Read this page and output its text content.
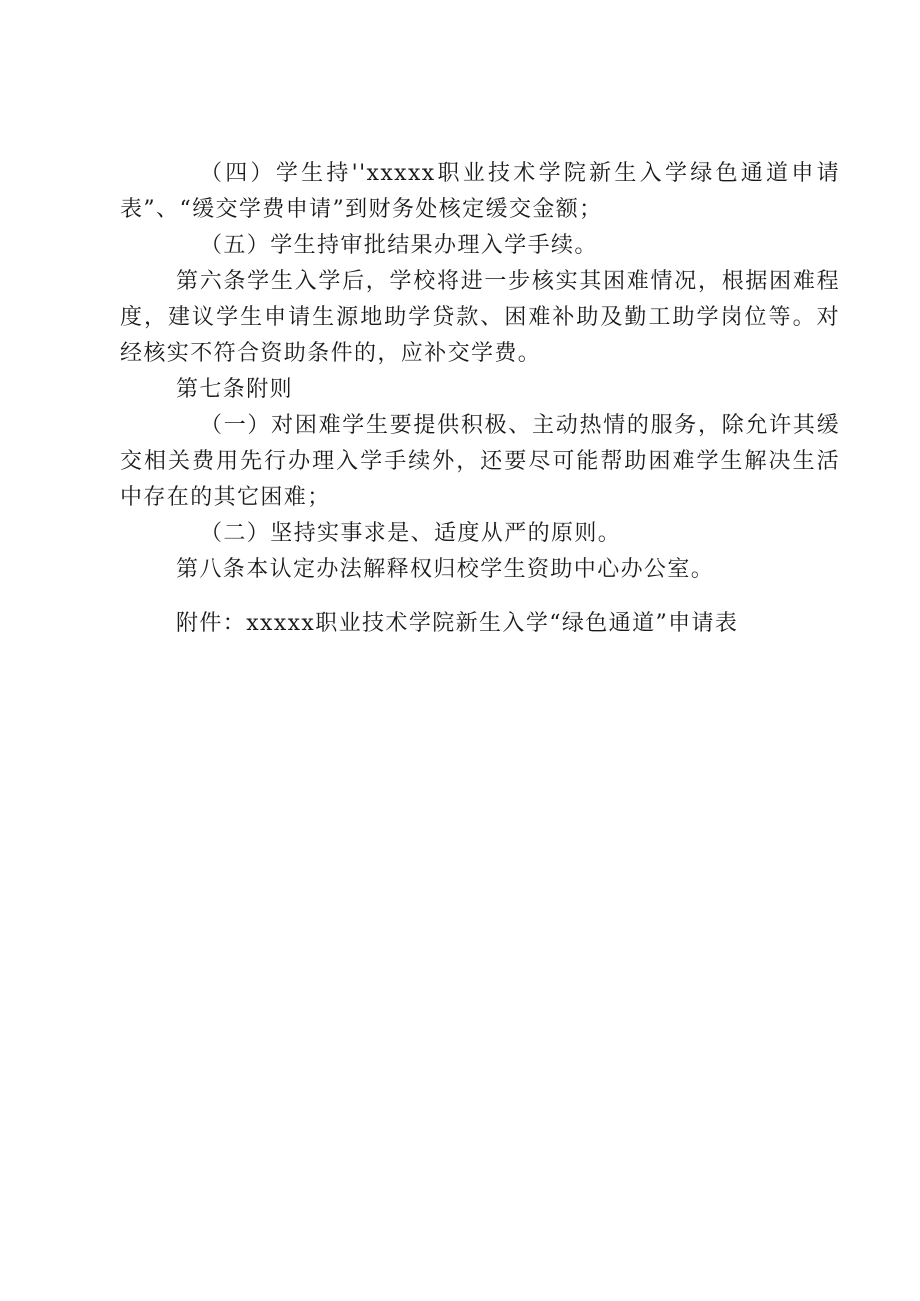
（四）学生持''xxxxx职业技术学院新生入学绿色通道申请表”、“缓交学费申请”到财务处核定缓交金额；

（五）学生持审批结果办理入学手续。

第六条学生入学后，学校将进一步核实其困难情况，根据困难程度，建议学生申请生源地助学贷款、困难补助及勤工助学岗位等。对经核实不符合资助条件的，应补交学费。

第七条附则

（一）对困难学生要提供积极、主动热情的服务，除允许其缓交相关费用先行办理入学手续外，还要尽可能帮助困难学生解决生活中存在的其它困难；

（二）坚持实事求是、适度从严的原则。

第八条本认定办法解释权归校学生资助中心办公室。

附件：xxxxx职业技术学院新生入学“绿色通道”申请表
